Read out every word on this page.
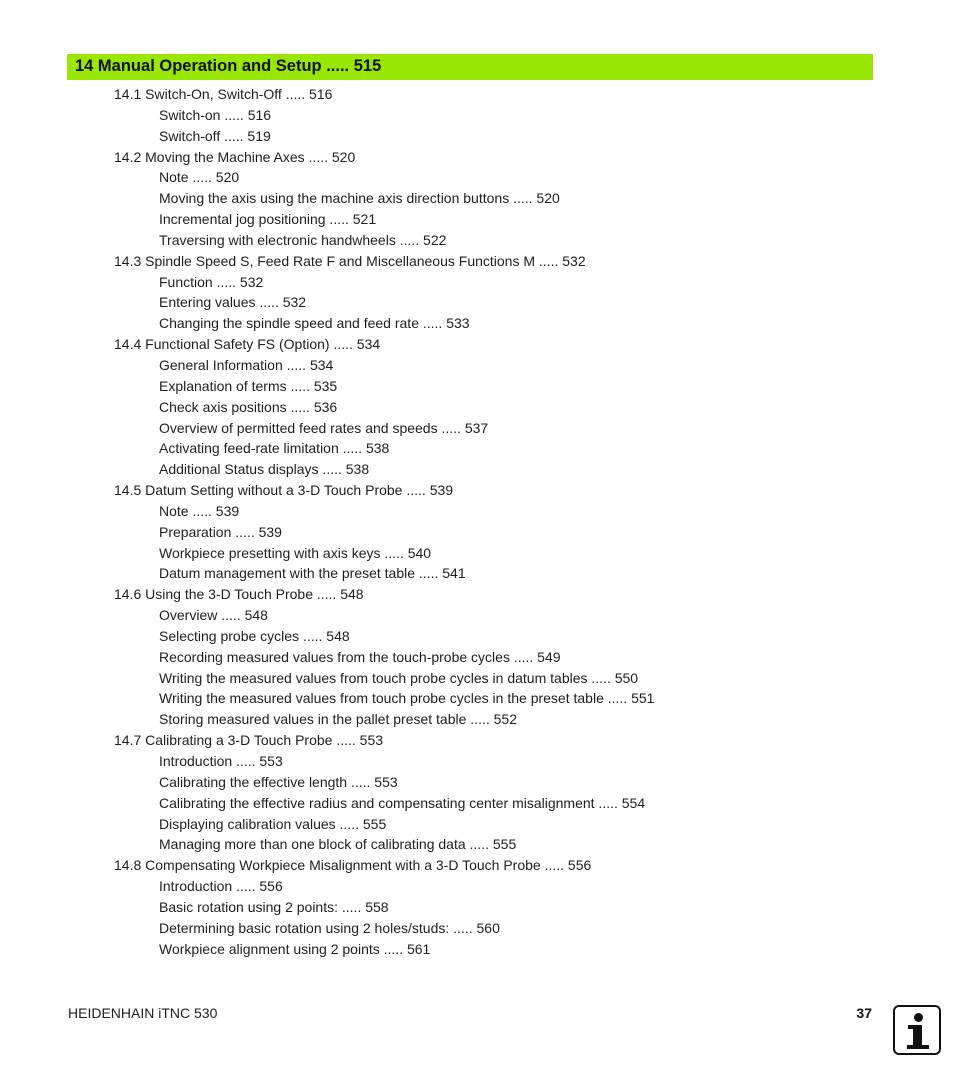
14 Manual Operation and Setup ..... 515
14.1 Switch-On, Switch-Off ..... 516
Switch-on ..... 516
Switch-off ..... 519
14.2 Moving the Machine Axes ..... 520
Note ..... 520
Moving the axis using the machine axis direction buttons ..... 520
Incremental jog positioning ..... 521
Traversing with electronic handwheels ..... 522
14.3 Spindle Speed S, Feed Rate F and Miscellaneous Functions M ..... 532
Function ..... 532
Entering values ..... 532
Changing the spindle speed and feed rate ..... 533
14.4 Functional Safety FS (Option) ..... 534
General Information ..... 534
Explanation of terms ..... 535
Check axis positions ..... 536
Overview of permitted feed rates and speeds ..... 537
Activating feed-rate limitation ..... 538
Additional Status displays ..... 538
14.5 Datum Setting without a 3-D Touch Probe ..... 539
Note ..... 539
Preparation ..... 539
Workpiece presetting with axis keys ..... 540
Datum management with the preset table ..... 541
14.6 Using the 3-D Touch Probe ..... 548
Overview ..... 548
Selecting probe cycles ..... 548
Recording measured values from the touch-probe cycles ..... 549
Writing the measured values from touch probe cycles in datum tables ..... 550
Writing the measured values from touch probe cycles in the preset table ..... 551
Storing measured values in the pallet preset table ..... 552
14.7 Calibrating a 3-D Touch Probe ..... 553
Introduction ..... 553
Calibrating the effective length ..... 553
Calibrating the effective radius and compensating center misalignment ..... 554
Displaying calibration values ..... 555
Managing more than one block of calibrating data ..... 555
14.8 Compensating Workpiece Misalignment with a 3-D Touch Probe ..... 556
Introduction ..... 556
Basic rotation using 2 points: ..... 558
Determining basic rotation using 2 holes/studs: ..... 560
Workpiece alignment using 2 points ..... 561
HEIDENHAIN iTNC 530	37
